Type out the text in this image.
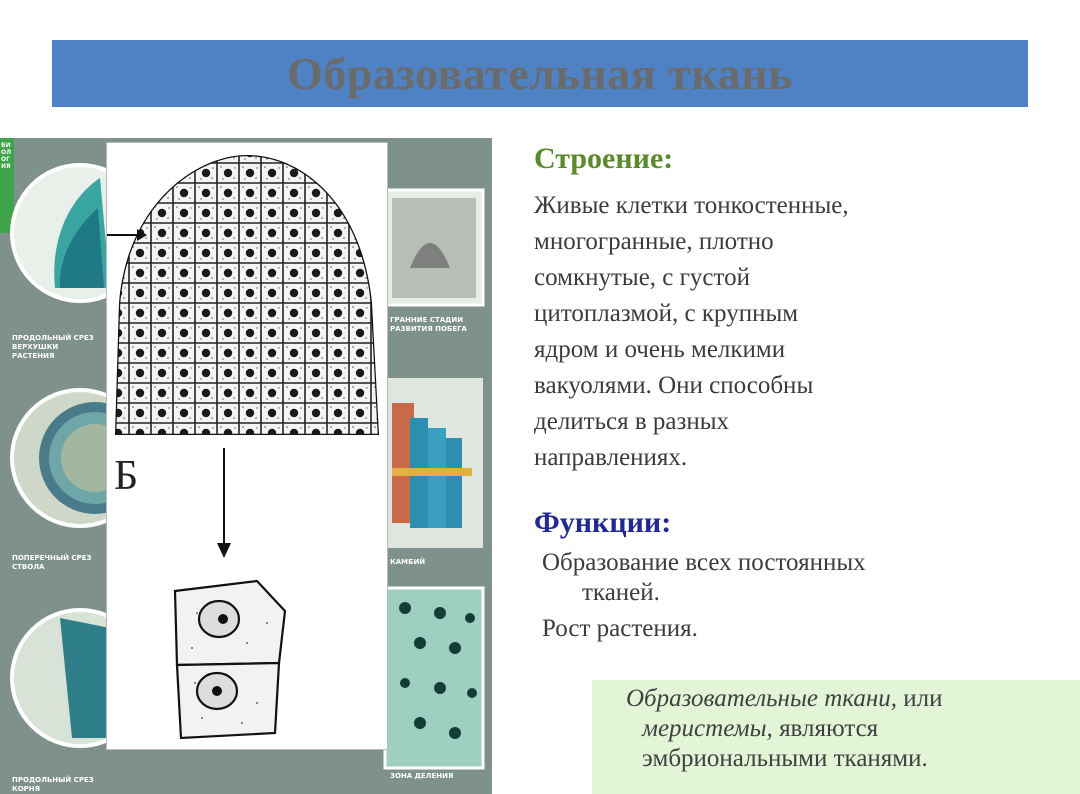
Образовательная ткань
ПРОДОЛЬНЫЙ СРЕЗ ВЕРХУШКИ РАСТЕНИЯ
ПОПЕРЕЧНЫЙ СРЕЗ СТВОЛА
ПРОДОЛЬНЫЙ СРЕЗ КОРНЯ
ГРАННИЕ СТАДИИ РАЗВИТИЯ ПОБЕГА
КАМБИЙ
ЗОНА ДЕЛЕНИЯ
БИОЛОГИЯ
Б
Строение:
Живые клетки тонкостенные,
многогранные, плотно
сомкнутые, с густой
цитоплазмой, с крупным
ядром и очень мелкими
вакуолями. Они способны
делиться в разных
направлениях.
Функции:
Образование всех постоянных
тканей.
Рост растения.
Образовательные ткани, или
меристемы, являются
эмбриональными тканями.
